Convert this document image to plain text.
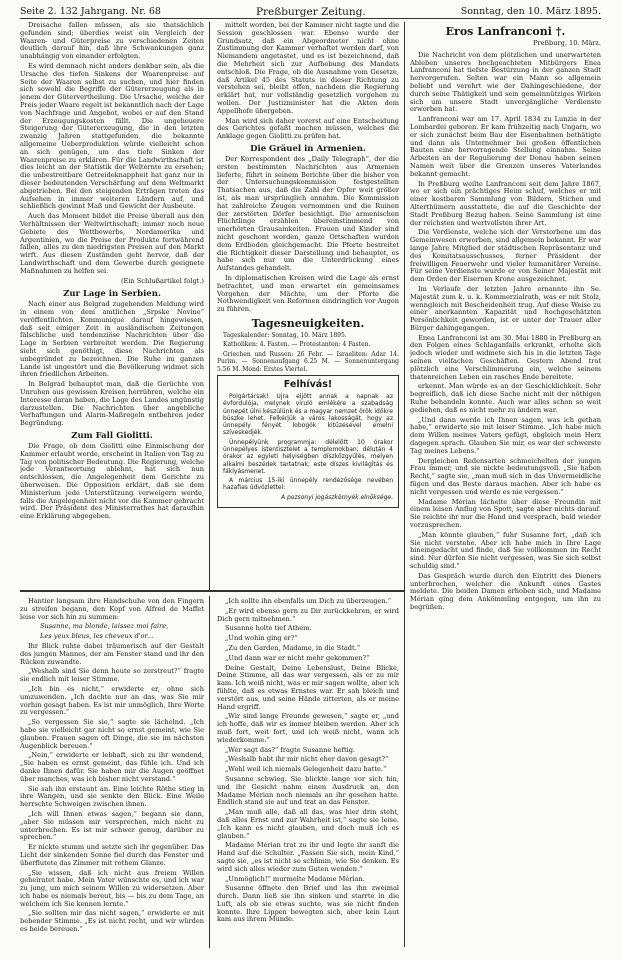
Seite 2. 132 Jahrgang. Nr. 68	Preßburger Zeitung.	Sonntag, den 10. März 1895.

Dreisache fallen müssen, als sie thatsächlich gefunden sind; überdies weist ein Vergleich der Waaren- und Güterpreise zu verschiedenen Zeiten deutlich darauf hin, daß ihre Schwankungen ganz unabhängig von einander erfolgten.

Es wird demnach nicht anders denkbar sein, als die Ursache des tiefen Sinkens der Waarenpreise auf Seite der Waaren selbst zu suchen, und hier finden sich sowohl die Begriffe der Gütererzeugung als in jenem der Gütervertheilung. Die Ursache, welche der Preis jeder Waare regelt ist bekanntlich nach der Lage von Nachfrage und Angebot, wobei er auf den Stand der Erzeugungskosten fällt. Die ungeheuere Steigerung der Gütererzeugung, die in den letzten zwanzig Jahren stattgefunden, die bekannte allgemeine Ueberproduktion würde vielleicht schon an sich genügen, um das tiefe Sinken der Waarenpreise zu erklären. Für die Landwirthschaft ist dies leicht an der Statistik der Welternte zu ersehen; die unbestreitbare Getreideknappheit hat ganz nur in dieser bedeutenden Verschärfung auf dem Weltmarkt abgetrieben. Bei den steigenden Erträgen treten das Aufsehen in immer weiteren Ländern auf, und schließlich gewinnt Maß und Gewicht der Ausbeute.

Auch das Moment bildet die Preise überall aus den Verhältnissen der Weltwirthschaft; immer noch neue Gebiete des Wettbewerbs, Nordamerika und Argentinien, wo die Preise der Produkte fortwährend fallen, alles zu den niedrigsten Preisen auf den Markt wirft. Aus diesen Zuständen geht hervor, daß der Landwirthschaft und dem Gewerbe durch geeignete Maßnahmen zu helfen sei.

(Ein Schlußartikel folgt.)

Zur Lage in Serbien.

Nach einer aus Belgrad zugehenden Meldung wird in einem von dem amtlichen „Srpske Novine“ veröffentlichten Kommuniqué darauf hingewiesen, daß seit einiger Zeit in ausländischen Zeitungen fälschliche und tendenziöse Nachrichten über die Lage in Serbien verbreitet werden. Die Regierung sieht sich genöthigt, diese Nachrichten als unbegründet zu bezeichnen. Die Ruhe im ganzen Lande ist ungestört und die Bevölkerung widmet sich ihren friedlichen Arbeiten.

In Belgrad behauptet man, daß die Gerüchte von Unruhen aus gewissen Kreisen herrühren, welche ein Interesse daran haben, die Lage des Landes ungünstig darzustellen. Die Nachrichten über angebliche Verhaftungen und Alarm-Maßregeln entbehren jeder Begründung.

Zum Fall Giolitti.

Die Frage, ob dem Giolitti eine Einmischung der Kammer erlaubt werde, erscheint in Italien von Tag zu Tag von politischer Bedeutung. Die Regierung, welche jede Verantwortung ablehnt, hat sich nun entschlossen, die Angelegenheit dem Gerichte zu überweisen. Die Opposition erklärt, daß sie dem Ministerium jede Unterstützung verweigern werde, falls die Angelegenheit nicht vor die Kammer gebracht wird. Der Präsident des Ministerrathes hat daraufhin eine Erklärung abgegeben.

mittelt worden, bei der Kammer nicht tagte und die Session geschlossen war. Ebenso wurde der Grundsatz, daß ein Abgeordneter nicht ohne Zustimmung der Kammer verhaftet werden darf, von Niemandem angetastet, und es ist bezeichnend, daß die Mehrheit sich zur Aufhebung des Mandats entschloß. Die Frage, ob die Ausnahme vom Gesetze, daß Artikel 45 des Statuts in dieser Richtung zu verstehen sei, bleibt offen, nachdem die Regierung erklärt hat, nur vollständig gesetzlich vorgehen zu wollen. Der Justizminister hat die Akten dem Appellhofe übergeben.

Man wird sich daher vorerst auf eine Entscheidung des Gerichtes gefaßt machen müssen, welches die Anklage gegen Giolitti zu prüfen hat.

Die Gräuel in Armenien.

Der Korrespondent des „Daily Telegraph“, der die ersten bestimmten Nachrichten aus Armenien lieferte, führt in seinem Berichte über die bisher von der Untersuchungskommission festgestellten Thatsachen aus, daß die Zahl der Opfer weit größer ist, als man ursprünglich annahm. Die Kommission hat zahlreiche Zeugen vernommen und die Ruinen der zerstörten Dörfer besichtigt. Die armenischen Flüchtlinge erzählen übereinstimmend von unerhörten Grausamkeiten. Frauen und Kinder sind nicht geschont worden, ganze Ortschaften wurden dem Erdboden gleichgemacht. Die Pforte bestreitet die Richtigkeit dieser Darstellung und behauptet, es habe sich nur um die Unterdrückung eines Aufstandes gehandelt.

In diplomatischen Kreisen wird die Lage als ernst betrachtet, und man erwartet ein gemeinsames Vorgehen der Mächte, um der Pforte die Nothwendigkeit von Reformen eindringlich vor Augen zu führen.

Tagesneuigkeiten.

Tageskalender: Sonntag, 10. März 1895.

Katholiken: 4. Fasten. — Protestanten: 4 Fasten.

Griechen und Russen: 26 Febr. — Israeliten: Adar 14. Purim. — Sonnenaufgang 6.25 M. — Sonnenuntergang 5.56 M. Mond: Erstes Viertel.

Felhívás!

Polgártársak! Ujra eljött annak a napnak az évfordulója, melynek viruló emlékére a szabadság ünnepét ülni készülünk és a magyar nemzet örök időkre büszke lehet. Felkérjük a város lakosságát, hogy az ünnepély fényét lobogók kitűzésével emelni szíveskedjék.

Ünnepélyünk programmja: délelőtt 10 órakor ünnepélyes istentisztelet a templomokban; délután 4 órakor az egyleti helyiségben díszközgyűlés, melyen alkalmi beszédek tartatnak; este díszes kivilágítás és fáklyásmenet.

A március 15-iki ünnepély rendezősége nevében hazafias üdvözlettel:

A pozsonyi jogászkörnyék elnöksége.

Eros Lanfranconi †.

Preßburg, 10. März.

Die Nachricht von dem plötzlichen und unerwarteten Ableben unseres hochgeachteten Mitbürgers Enea Lanfranconi hat tiefste Bestürzung in der ganzen Stadt hervorgerufen. Selten war ein Mann so allgemein beliebt und verehrt wie der Dahingeschiedene, der durch seine Thätigkeit und sein gemeinnütziges Wirken sich um unsere Stadt unvergängliche Verdienste erworben hat.

Lanfranconi war am 17. April 1834 zu Lunzia in der Lombardei geboren. Er kam frühzeitig nach Ungarn, wo er sich zunächst beim Bau der Eisenbahnen bethätigte und dann als Unternehmer bei großen öffentlichen Bauten eine hervorragende Stellung einnahm. Seine Arbeiten an der Regulierung der Donau haben seinen Namen weit über die Grenzen unseres Vaterlandes bekannt gemacht.

In Preßburg weilte Lanfranconi seit dem Jahre 1867, wo er sich ein prächtiges Heim schuf, welches er mit einer kostbaren Sammlung von Bildern, Stichen und Alterthümern ausstattete, die auf die Geschichte der Stadt Preßburg Bezug haben. Seine Sammlung ist eine der reichsten und wertvollsten ihrer Art.

Die Verdienste, welche sich der Verstorbene um das Gemeinwesen erworben, sind allgemein bekannt. Er war lange Jahre Mitglied der städtischen Repräsentanz und des Komitatsausschusses, ferner Präsident der freiwilligen Feuerwehr und vieler humanitärer Vereine. Für seine Verdienste wurde er von Seiner Majestät mit dem Orden der Eisernen Krone ausgezeichnet.

Im Verlaufe der letzten Jahre ernannte ihn Se. Majestät zum k. u. k. Kommerzialrath, was er mit Stolz, wenngleich mit Bescheidenheit trug. Auf diese Weise zu einer anerkannten Kapazität und hochgeschätzten Persönlichkeit geworden, ist er unter der Trauer aller Bürger dahingegangen.

Enea Lanfranconi ist am 30. Mai 1880 in Preßburg an den Folgen eines Schlaganfalls erkrankt, erholte sich jedoch wieder und widmete sich bis in die letzten Tage seinen vielfachen Geschäften. Gestern Abend trat plötzlich eine Verschlimmerung ein, welche seinem thatenreichen Leben ein rasches Ende bereitete.

erkennt. Man würde es an der Geschicklichkeit. Sehr begreiflich, daß ich diese Sache nicht mit der nöthigen Ruhe behandeln konnte. Auch war alles schon so weit gediehen, daß es nicht mehr zu ändern war.

„Und dann werde ich Ihnen sagen, was ich gethan habe,“ erwiderte sie mit leiser Stimme. „Ich habe mich dem Willen meines Vaters gefügt, obgleich mein Herz dagegen sprach. Glauben Sie mir, es war der schwerste Tag meines Lebens.“

Dergleichen Redensarten schmeichelten der jungen Frau immer, und sie nickte bedeutungsvoll. „Sie haben Recht,“ sagte sie, „man muß sich in das Unvermeidliche fügen und das Beste daraus machen. Aber ich habe es nicht vergessen und werde es nie vergessen.“

Madame Mérian lächelte über diese Freundin mit einem leisen Anflug von Spott, sagte aber nichts darauf. Sie reichte ihr nur die Hand und versprach, bald wieder vorzusprechen.

„Man könnte glauben,“ fuhr Susanne fort, „daß ich Sie nicht verstehe. Aber ich habe mich in Ihre Lage hineingedacht und finde, daß Sie vollkommen im Recht sind. Nur dürfen Sie nicht vergessen, was Sie sich selbst schuldig sind.“

Das Gespräch wurde durch den Eintritt des Dieners unterbrochen, welcher die Ankunft eines Gastes meldete. Die beiden Damen erhoben sich, und Madame Mérian ging dem Ankömmling entgegen, um ihn zu begrüßen.

Hantier langsam ihre Handschuhe von den Fingern zu streifen begann, den Kopf von Alfred de Maffet leise vor sich hin zu summen:

Susanne, ma blonde, laissez moi faire,

Les yeux bleus, les cheveux d'or...

Ihr Blick ruhte dabei träumerisch auf der Gestalt des jungen Mannes, der am Fenster stand und ihr den Rücken zuwandte.

„Weshalb sind Sie denn heute so zerstreut?“ fragte sie endlich mit leiser Stimme.

„Ich bin es nicht,“ erwiderte er, ohne sich umzuwenden. „Ich dachte nur an das, was Sie mir vorhin gesagt haben. Es ist mir unmöglich, Ihre Worte zu vergessen.“

„So vergessen Sie sie,“ sagte sie lächelnd. „Ich habe sie vielleicht gar nicht so ernst gemeint, wie Sie glauben. Frauen sagen oft Dinge, die sie im nächsten Augenblick bereuen.“

„Nein,“ erwiderte er lebhaft, sich zu ihr wendend, „Sie haben es ernst gemeint, das fühle ich. Und ich danke Ihnen dafür. Sie haben mir die Augen geöffnet über manches, was ich bisher nicht verstand.“

Sie sah ihn erstaunt an. Eine leichte Röthe stieg in ihre Wangen, und sie senkte den Blick. Eine Weile herrschte Schweigen zwischen ihnen.

„Ich will Ihnen etwas sagen,“ begann sie dann, „aber Sie müssen mir versprechen, mich nicht zu unterbrechen. Es ist mir schwer genug, darüber zu sprechen.“

Er nickte stumm und setzte sich ihr gegenüber. Das Licht der sinkenden Sonne fiel durch das Fenster und überflutete das Zimmer mit rothem Glanze.

„Sie wissen, daß ich nicht aus freiem Willen geheiratet habe. Mein Vater wünschte es, und ich war zu jung, um mich seinem Willen zu widersetzen. Aber ich habe es niemals bereut, bis — bis zu dem Tage, an welchem ich Sie kennen lernte.“

„Sie sollten mir das nicht sagen,“ erwiderte er mit bebender Stimme. „Es ist nicht recht, und wir würden es beide bereuen.“

„Ich sollte ihn ebenfalls um Dich zu überzeugen.“

„Er wird ebenso gern zu Dir zurückkehren, er wird Dich gern mitnehmen.“

Susanne holte tief Athem.

„Und wohin ging er?“

„Zu den Garden, Madame, in die Stadt.“

„Und dann war er nicht mehr gekommen?“

Deine Gestalt, Deine Lebenslust, Deine Blicke, Deine Stimme, all das war vergessen, als er zu mir kam. Ich weiß nicht, was er mir sagen wollte, aber ich fühlte, daß es etwas Ernstes war. Er sah bleich und verstört aus, und seine Hände zitterten, als er meine Hand ergriff.

„Wir sind lange Freunde gewesen,“ sagte er, „und ich hoffe, daß wir es immer bleiben werden. Aber ich muß fort, weit fort, und ich weiß nicht, wann ich wiederkomme.“

„Wer sagt das?“ fragte Susanne heftig.

„Weshalb habt ihr mir nicht eher davon gesagt?“

„Wohl weil ich niemals Gelegenheit dazu hatte.“

Susanne schwieg. Sie blickte lange vor sich hin, und ihr Gesicht nahm einen Ausdruck an, den Madame Mérian noch niemals an ihr gesehen hatte. Endlich stand sie auf und trat an das Fenster.

„Man muß alle, daß all das, was hier drin steht, daß alles Ernst und zur Wahrheit ist,“ sagte sie leise. „Ich kann es nicht glauben, und doch muß ich es glauben.“

Madame Mérian trat zu ihr und legte ihr sanft die Hand auf die Schulter. „Fassen Sie sich, mein Kind,“ sagte sie, „es ist nicht so schlimm, wie Sie denken. Es wird sich alles wieder zum Guten wenden.“

„Unmöglich!“ murmelte Madame Mérian.

Susanne öffnete den Brief und las ihn zweimal durch. Dann ließ sie ihn sinken und starrte in die Luft, als ob sie etwas suchte, was sie nicht finden konnte. Ihre Lippen bewegten sich, aber kein Laut kam aus ihrem Munde.
